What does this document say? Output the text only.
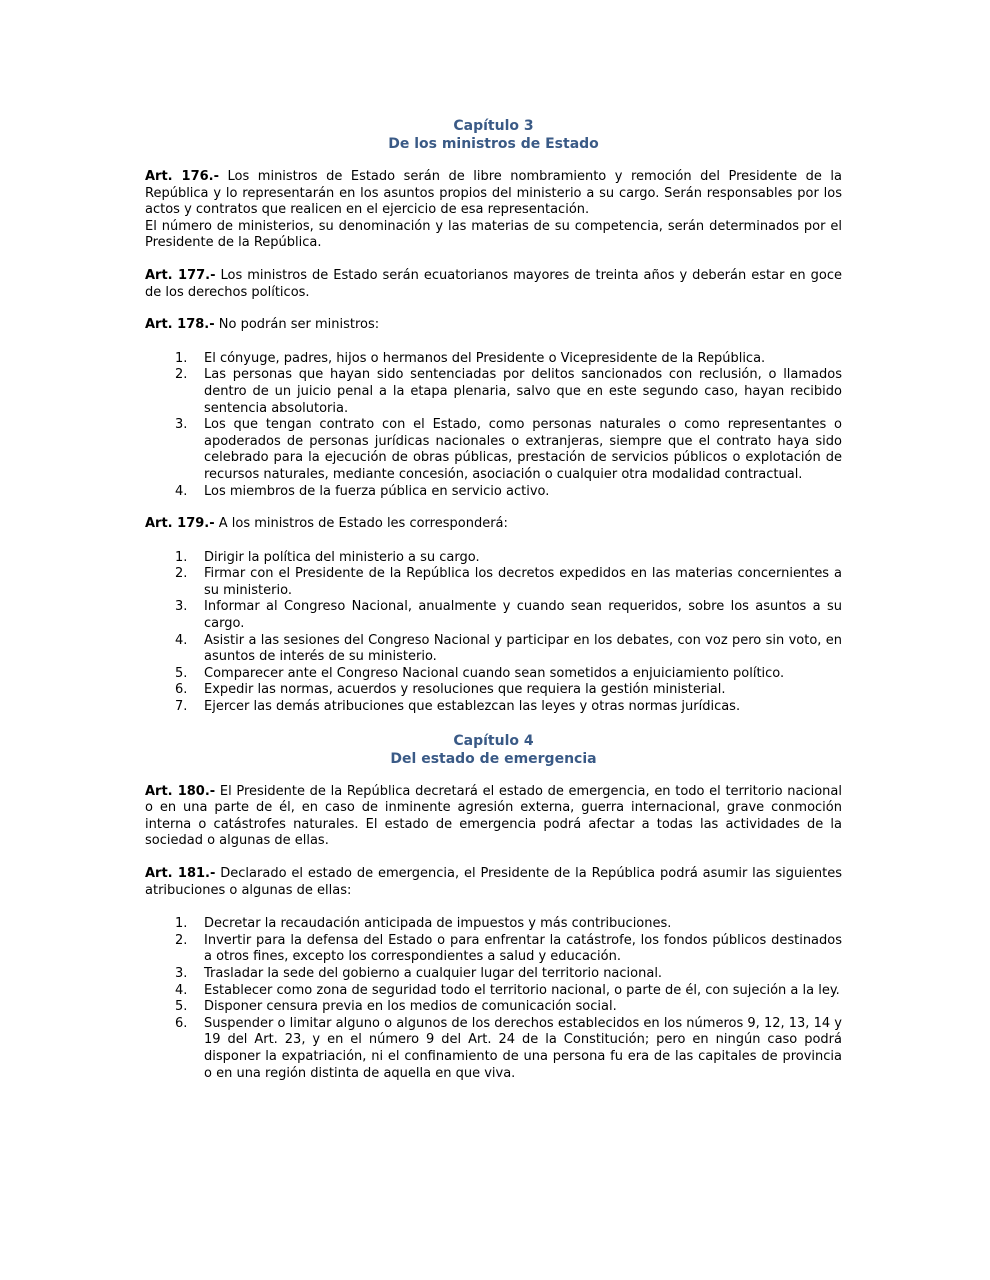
Capítulo 3
De los ministros de Estado

Art. 176.- Los ministros de Estado serán de libre nombramiento y remoción del Presidente de la República y lo representarán en los asuntos propios del ministerio a su cargo. Serán responsables por los actos y contratos que realicen en el ejercicio de esa representación.
El número de ministerios, su denominación y las materias de su competencia, serán determinados por el Presidente de la República.

Art. 177.- Los ministros de Estado serán ecuatorianos mayores de treinta años y deberán estar en goce de los derechos políticos.

Art. 178.- No podrán ser ministros:

1. El cónyuge, padres, hijos o hermanos del Presidente o Vicepresidente de la República.
2. Las personas que hayan sido sentenciadas por delitos sancionados con reclusión, o llamados dentro de un juicio penal a la etapa plenaria, salvo que en este segundo caso, hayan recibido sentencia absolutoria.
3. Los que tengan contrato con el Estado, como personas naturales o como representantes o apoderados de personas jurídicas nacionales o extranjeras, siempre que el contrato haya sido celebrado para la ejecución de obras públicas, prestación de servicios públicos o explotación de recursos naturales, mediante concesión, asociación o cualquier otra modalidad contractual.
4. Los miembros de la fuerza pública en servicio activo.

Art. 179.- A los ministros de Estado les corresponderá:

1. Dirigir la política del ministerio a su cargo.
2. Firmar con el Presidente de la República los decretos expedidos en las materias concernientes a su ministerio.
3. Informar al Congreso Nacional, anualmente y cuando sean requeridos, sobre los asuntos a su cargo.
4. Asistir a las sesiones del Congreso Nacional y participar en los debates, con voz pero sin voto, en asuntos de interés de su ministerio.
5. Comparecer ante el Congreso Nacional cuando sean sometidos a enjuiciamiento político.
6. Expedir las normas, acuerdos y resoluciones que requiera la gestión ministerial.
7. Ejercer las demás atribuciones que establezcan las leyes y otras normas jurídicas.
Capítulo 4
Del estado de emergencia

Art. 180.- El Presidente de la República decretará el estado de emergencia, en todo el territorio nacional o en una parte de él, en caso de inminente agresión externa, guerra internacional, grave conmoción interna o catástrofes naturales. El estado de emergencia podrá afectar a todas las actividades de la sociedad o algunas de ellas.

Art. 181.- Declarado el estado de emergencia, el Presidente de la República podrá asumir las siguientes atribuciones o algunas de ellas:

1. Decretar la recaudación anticipada de impuestos y más contribuciones.
2. Invertir para la defensa del Estado o para enfrentar la catástrofe, los fondos públicos destinados a otros fines, excepto los correspondientes a salud y educación.
3. Trasladar la sede del gobierno a cualquier lugar del territorio nacional.
4. Establecer como zona de seguridad todo el territorio nacional, o parte de él, con sujeción a la ley.
5. Disponer censura previa en los medios de comunicación social.
6. Suspender o limitar alguno o algunos de los derechos establecidos en los números 9, 12, 13, 14 y 19 del Art. 23, y en el número 9 del Art. 24 de la Constitución; pero en ningún caso podrá disponer la expatriación, ni el confinamiento de una persona fu era de las capitales de provincia o en una región distinta de aquella en que viva.
